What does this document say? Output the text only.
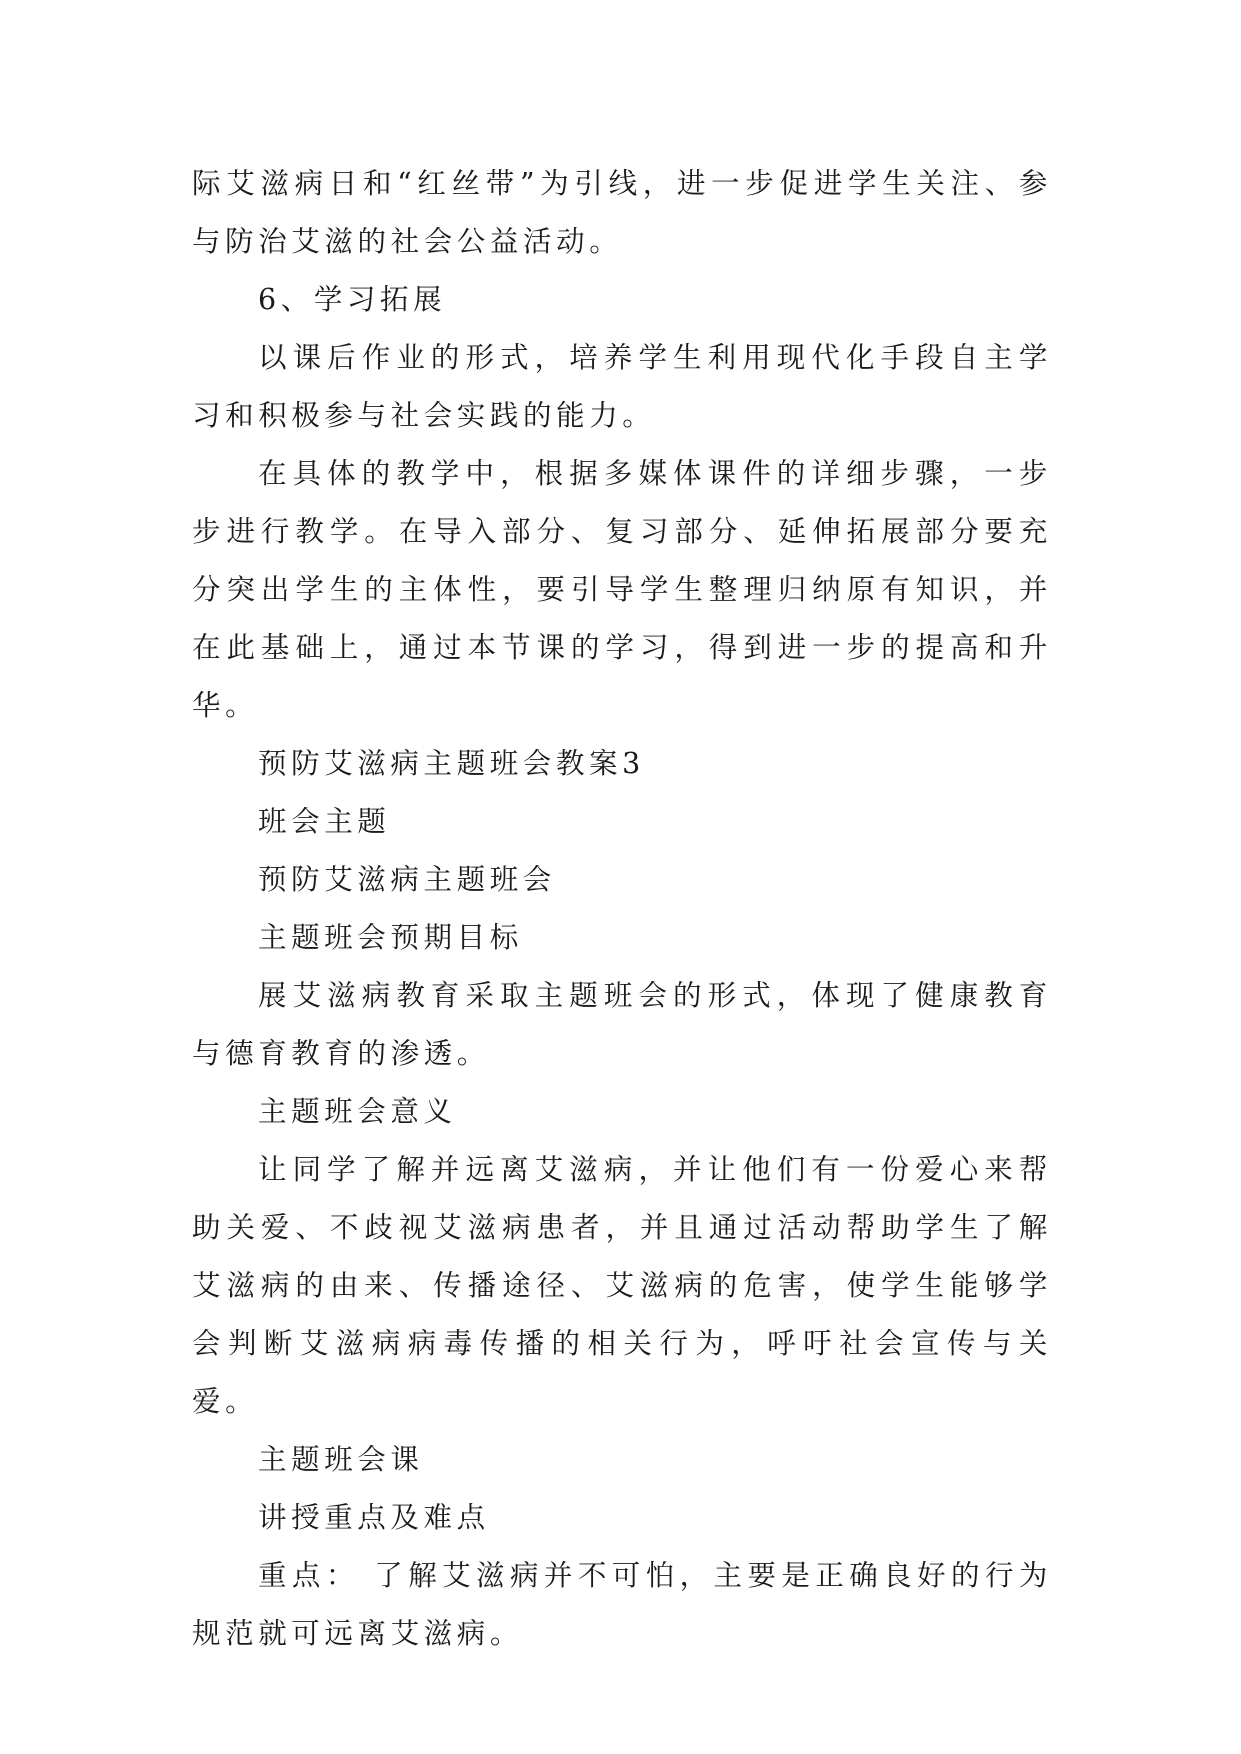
际艾滋病日和“红丝带”为引线，进一步促进学生关注、参与防治艾滋的社会公益活动。

6、学习拓展

以课后作业的形式，培养学生利用现代化手段自主学习和积极参与社会实践的能力。

在具体的教学中，根据多媒体课件的详细步骤，一步步进行教学。在导入部分、复习部分、延伸拓展部分要充分突出学生的主体性，要引导学生整理归纳原有知识，并在此基础上，通过本节课的学习，得到进一步的提高和升华。

预防艾滋病主题班会教案3

班会主题

预防艾滋病主题班会

主题班会预期目标

展艾滋病教育采取主题班会的形式，体现了健康教育与德育教育的渗透。

主题班会意义

让同学了解并远离艾滋病，并让他们有一份爱心来帮助关爱、不歧视艾滋病患者，并且通过活动帮助学生了解艾滋病的由来、传播途径、艾滋病的危害，使学生能够学会判断艾滋病病毒传播的相关行为，呼吁社会宣传与关爱。

主题班会课

讲授重点及难点

重点： 了解艾滋病并不可怕，主要是正确良好的行为规范就可远离艾滋病。
